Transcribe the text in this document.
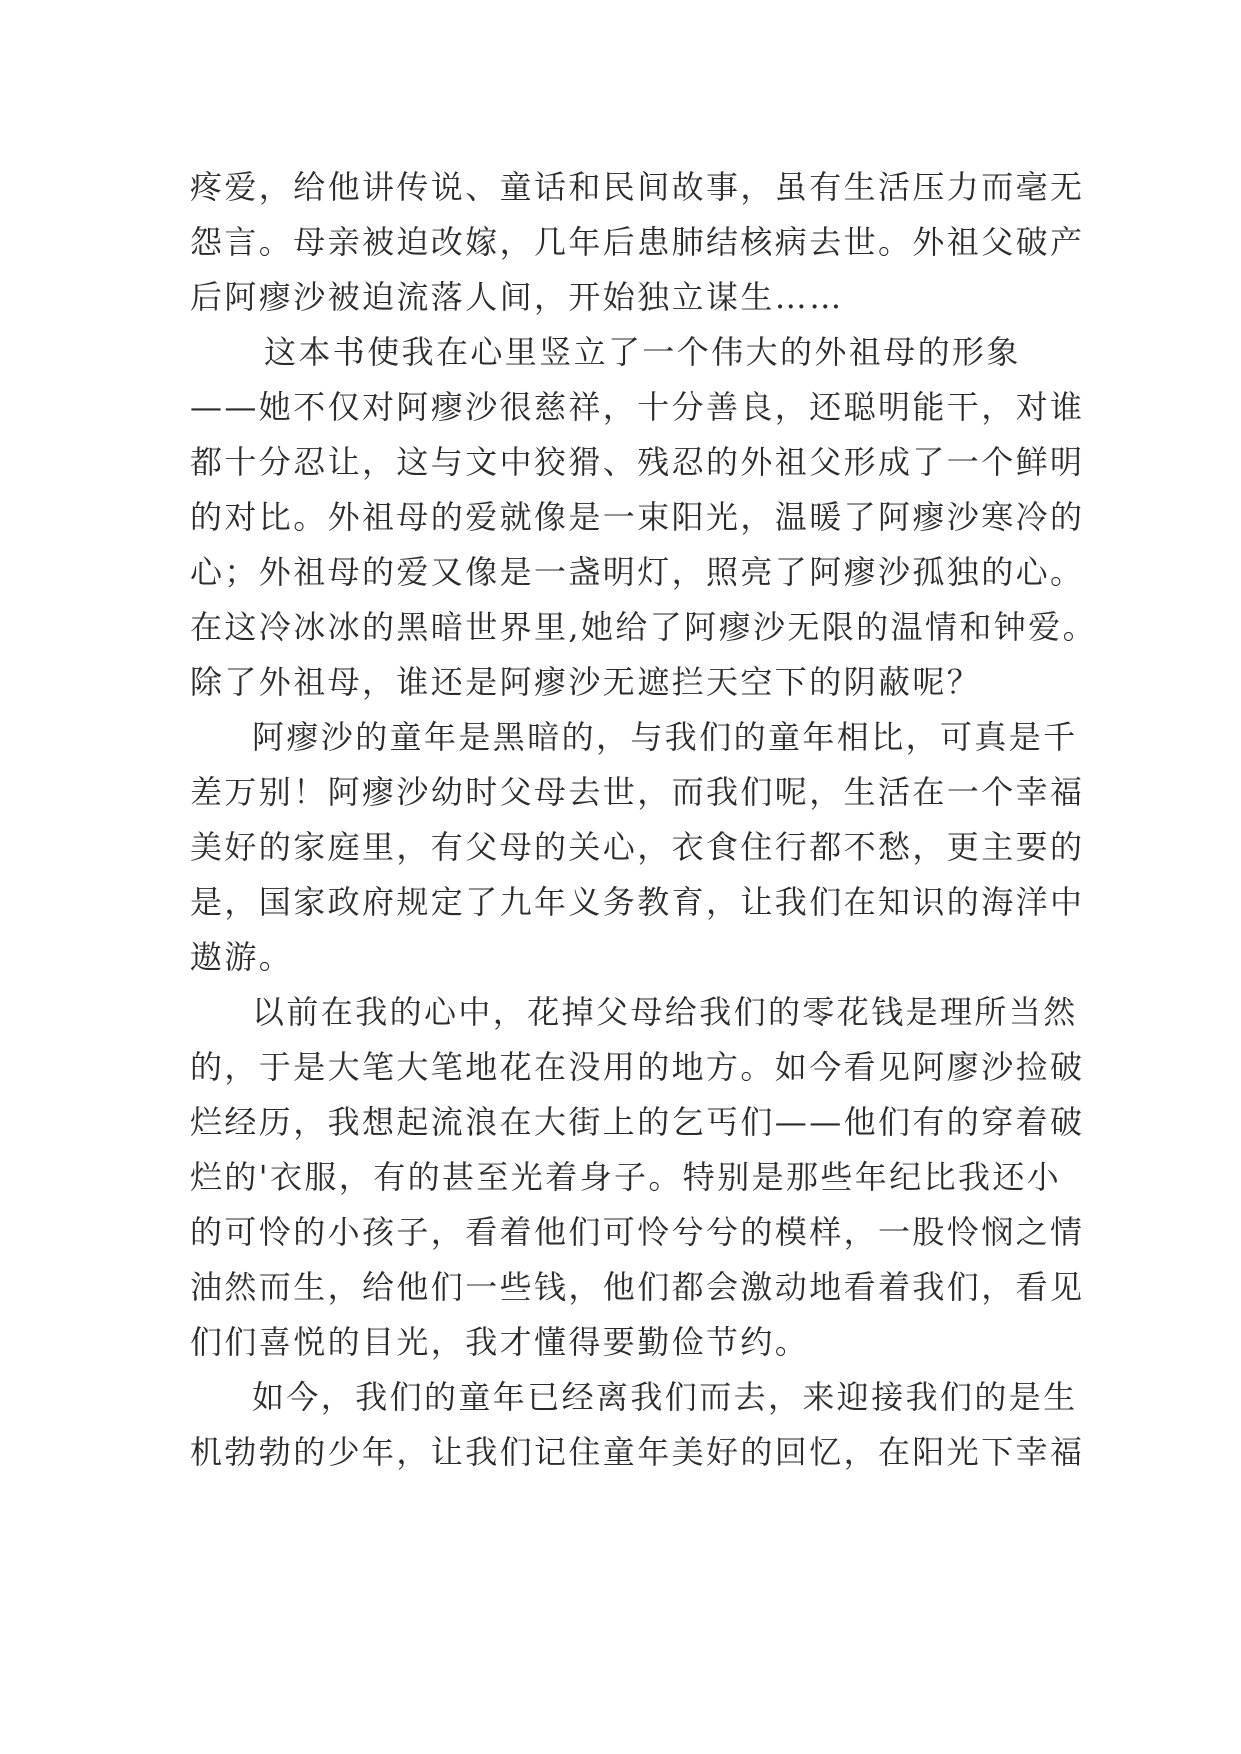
疼爱，给他讲传说、童话和民间故事，虽有生活压力而毫无
怨言。母亲被迫改嫁，几年后患肺结核病去世。外祖父破产
后阿瘳沙被迫流落人间，开始独立谋生……
这本书使我在心里竖立了一个伟大的外祖母的形象
——她不仅对阿瘳沙很慈祥，十分善良，还聪明能干，对谁
都十分忍让，这与文中狡猾、残忍的外祖父形成了一个鲜明
的对比。外祖母的爱就像是一束阳光，温暖了阿瘳沙寒冷的
心；外祖母的爱又像是一盏明灯，照亮了阿瘳沙孤独的心。
在这冷冰冰的黑暗世界里,她给了阿瘳沙无限的温情和钟爱。
除了外祖母，谁还是阿瘳沙无遮拦天空下的阴蔽呢？
阿瘳沙的童年是黑暗的，与我们的童年相比，可真是千
差万别！阿瘳沙幼时父母去世，而我们呢，生活在一个幸福
美好的家庭里，有父母的关心，衣食住行都不愁，更主要的
是，国家政府规定了九年义务教育，让我们在知识的海洋中
遨游。
以前在我的心中，花掉父母给我们的零花钱是理所当然
的，于是大笔大笔地花在没用的地方。如今看见阿廖沙捡破
烂经历，我想起流浪在大街上的乞丐们——他们有的穿着破
烂的'衣服，有的甚至光着身子。特别是那些年纪比我还小
的可怜的小孩子，看着他们可怜兮兮的模样，一股怜悯之情
油然而生，给他们一些钱，他们都会激动地看着我们，看见
们们喜悦的目光，我才懂得要勤俭节约。
如今，我们的童年已经离我们而去，来迎接我们的是生
机勃勃的少年，让我们记住童年美好的回忆，在阳光下幸福
